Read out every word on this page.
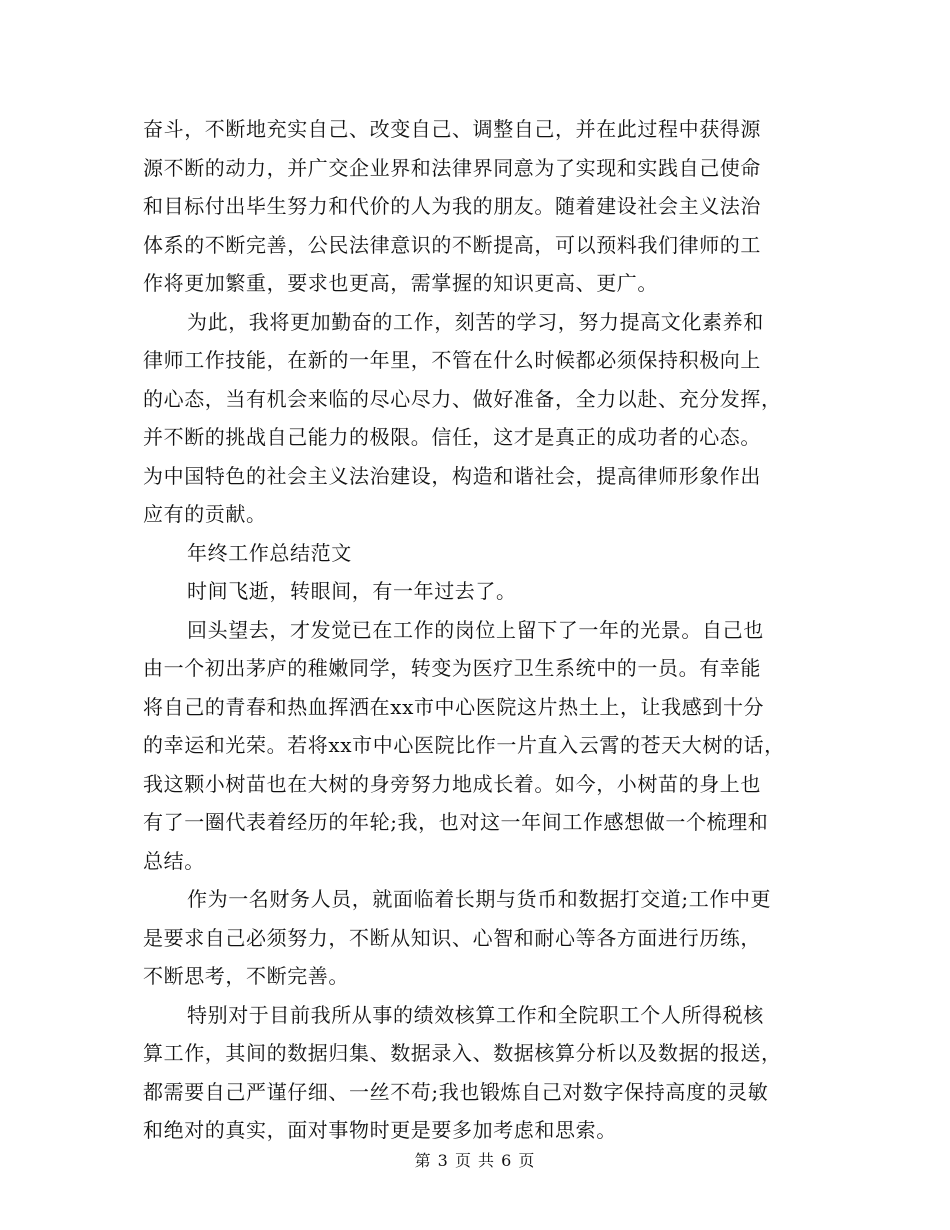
奋斗，不断地充实自己、改变自己、调整自己，并在此过程中获得源
源不断的动力，并广交企业界和法律界同意为了实现和实践自己使命
和目标付出毕生努力和代价的人为我的朋友。随着建设社会主义法治
体系的不断完善，公民法律意识的不断提高，可以预料我们律师的工
作将更加繁重，要求也更高，需掌握的知识更高、更广。
为此，我将更加勤奋的工作，刻苦的学习，努力提高文化素养和
律师工作技能，在新的一年里，不管在什么时候都必须保持积极向上
的心态，当有机会来临的尽心尽力、做好准备，全力以赴、充分发挥，
并不断的挑战自己能力的极限。信任，这才是真正的成功者的心态。
为中国特色的社会主义法治建设，构造和谐社会，提高律师形象作出
应有的贡献。
年终工作总结范文
时间飞逝，转眼间，有一年过去了。
回头望去，才发觉已在工作的岗位上留下了一年的光景。自己也
由一个初出茅庐的稚嫩同学，转变为医疗卫生系统中的一员。有幸能
将自己的青春和热血挥洒在xx市中心医院这片热土上，让我感到十分
的幸运和光荣。若将xx市中心医院比作一片直入云霄的苍天大树的话，
我这颗小树苗也在大树的身旁努力地成长着。如今，小树苗的身上也
有了一圈代表着经历的年轮;我，也对这一年间工作感想做一个梳理和
总结。
作为一名财务人员，就面临着长期与货币和数据打交道;工作中更
是要求自己必须努力，不断从知识、心智和耐心等各方面进行历练，
不断思考，不断完善。
特别对于目前我所从事的绩效核算工作和全院职工个人所得税核
算工作，其间的数据归集、数据录入、数据核算分析以及数据的报送，
都需要自己严谨仔细、一丝不苟;我也锻炼自己对数字保持高度的灵敏
和绝对的真实，面对事物时更是要多加考虑和思索。
第 3 页 共 6 页
